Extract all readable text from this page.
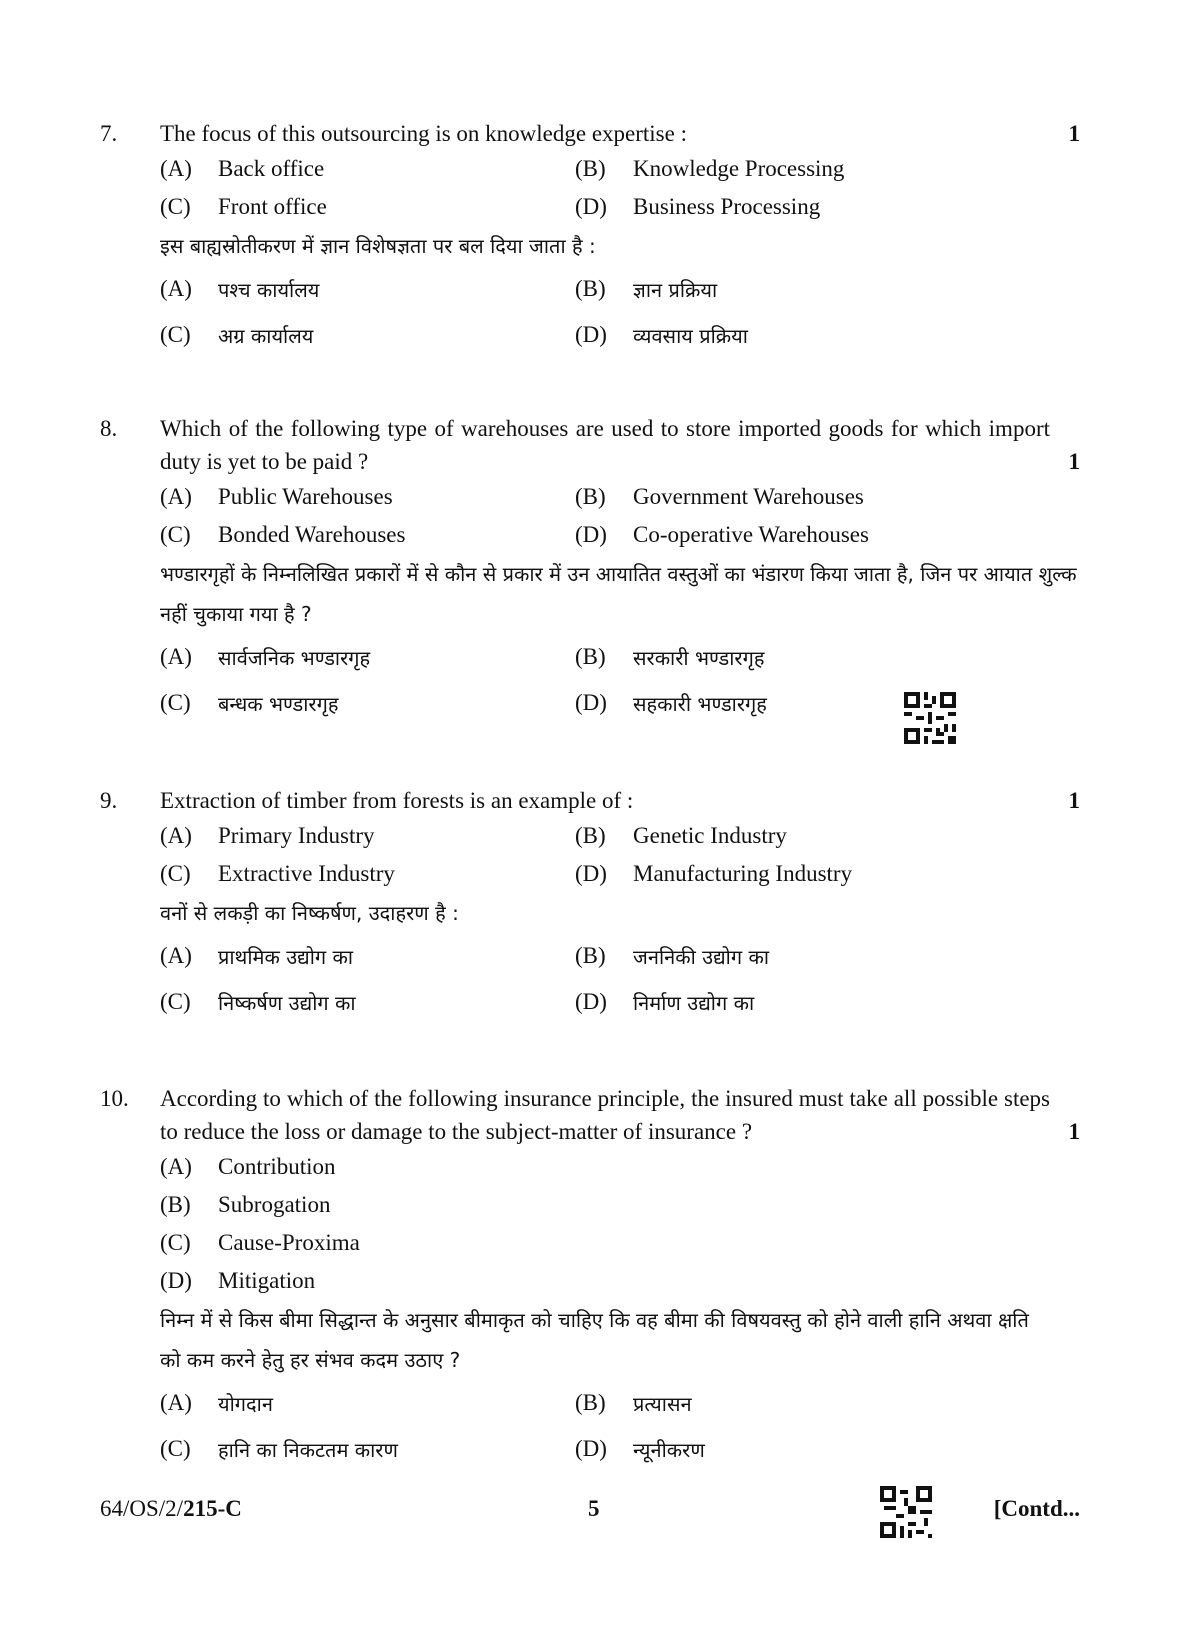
7.	The focus of this outsourcing is on knowledge expertise :	1
(A)	Back office	(B)	Knowledge Processing
(C)	Front office	(D)	Business Processing
इस बाह्यस्रोतीकरण में ज्ञान विशेषज्ञता पर बल दिया जाता है :
(A)	पश्च कार्यालय	(B)	ज्ञान प्रक्रिया
(C)	अग्र कार्यालय	(D)	व्यवसाय प्रक्रिया
8.	Which of the following type of warehouses are used to store imported goods for which import duty is yet to be paid ?	1
(A)	Public Warehouses	(B)	Government Warehouses
(C)	Bonded Warehouses	(D)	Co-operative Warehouses
भण्डारगृहों के निम्नलिखित प्रकारों में से कौन से प्रकार में उन आयातित वस्तुओं का भंडारण किया जाता है, जिन पर आयात शुल्क नहीं चुकाया गया है ?
(A)	सार्वजनिक भण्डारगृह	(B)	सरकारी भण्डारगृह
(C)	बन्धक भण्डारगृह	(D)	सहकारी भण्डारगृह
9.	Extraction of timber from forests is an example of :	1
(A)	Primary Industry	(B)	Genetic Industry
(C)	Extractive Industry	(D)	Manufacturing Industry
वनों से लकड़ी का निष्कर्षण, उदाहरण है :
(A)	प्राथमिक उद्योग का	(B)	जननिकी उद्योग का
(C)	निष्कर्षण उद्योग का	(D)	निर्माण उद्योग का
10.	According to which of the following insurance principle, the insured must take all possible steps to reduce the loss or damage to the subject-matter of insurance ?	1
(A)	Contribution
(B)	Subrogation
(C)	Cause-Proxima
(D)	Mitigation
निम्न में से किस बीमा सिद्धान्त के अनुसार बीमाकृत को चाहिए कि वह बीमा की विषयवस्तु को होने वाली हानि अथवा क्षति को कम करने हेतु हर संभव कदम उठाए ?
(A)	योगदान	(B)	प्रत्यासन
(C)	हानि का निकटतम कारण	(D)	न्यूनीकरण
64/OS/2/215-C	5	[Contd...
